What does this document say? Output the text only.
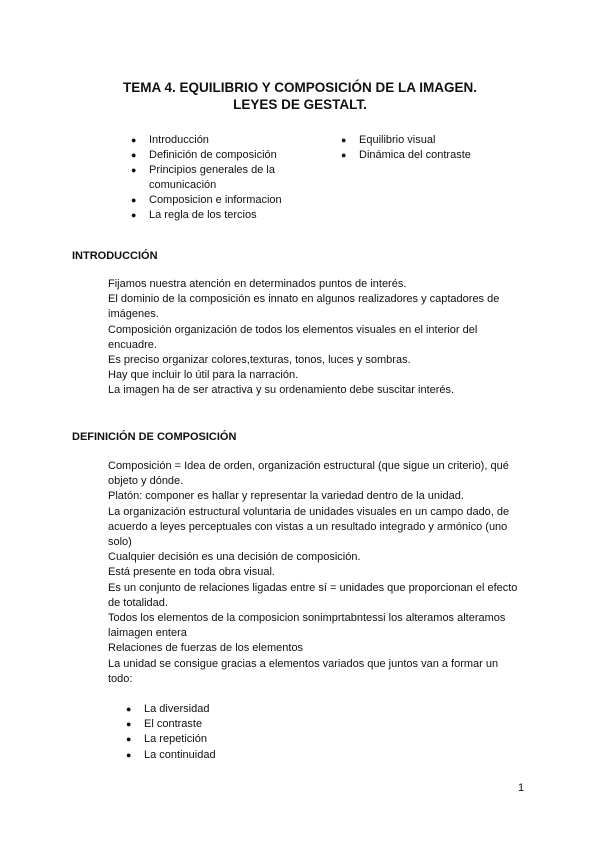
TEMA 4. EQUILIBRIO Y COMPOSICIÓN DE LA IMAGEN.
LEYES DE GESTALT.
● Introducción
● Definición de composición
● Principios generales de la comunicación
● Composicion e informacion
● La regla de los tercios
● Equilibrio visual
● Dinámica del contraste
INTRODUCCIÓN

Fijamos nuestra atención en determinados puntos de interés.

El dominio de la composición es innato en algunos realizadores y captadores de imágenes.

Composición organización de todos los elementos visuales en el interior del encuadre.

Es preciso organizar colores,texturas, tonos, luces y sombras.

Hay que incluir lo útil para la narración.

La imagen ha de ser atractiva y su ordenamiento debe suscitar interés.

DEFINICIÓN DE COMPOSICIÓN

Composición = Idea de orden, organización estructural (que sigue un criterio), qué objeto y dónde.

Platón: componer es hallar y representar la variedad dentro de la unidad.

La organización estructural voluntaria de unidades visuales en un campo dado, de acuerdo a leyes perceptuales con vistas a un resultado integrado y armónico (uno solo)

Cualquier decisión es una decisión de composición.

Está presente en toda obra visual.

Es un conjunto de relaciones ligadas entre sí = unidades que proporcionan el efecto de totalidad.

Todos los elementos de la composicion sonimprtabntessi los alteramos alteramos laimagen entera

Relaciones de fuerzas de los elementos

La unidad se consigue gracias a elementos variados que juntos van a formar un todo:

● La diversidad
● El contraste
● La repetición
● La continuidad
1
